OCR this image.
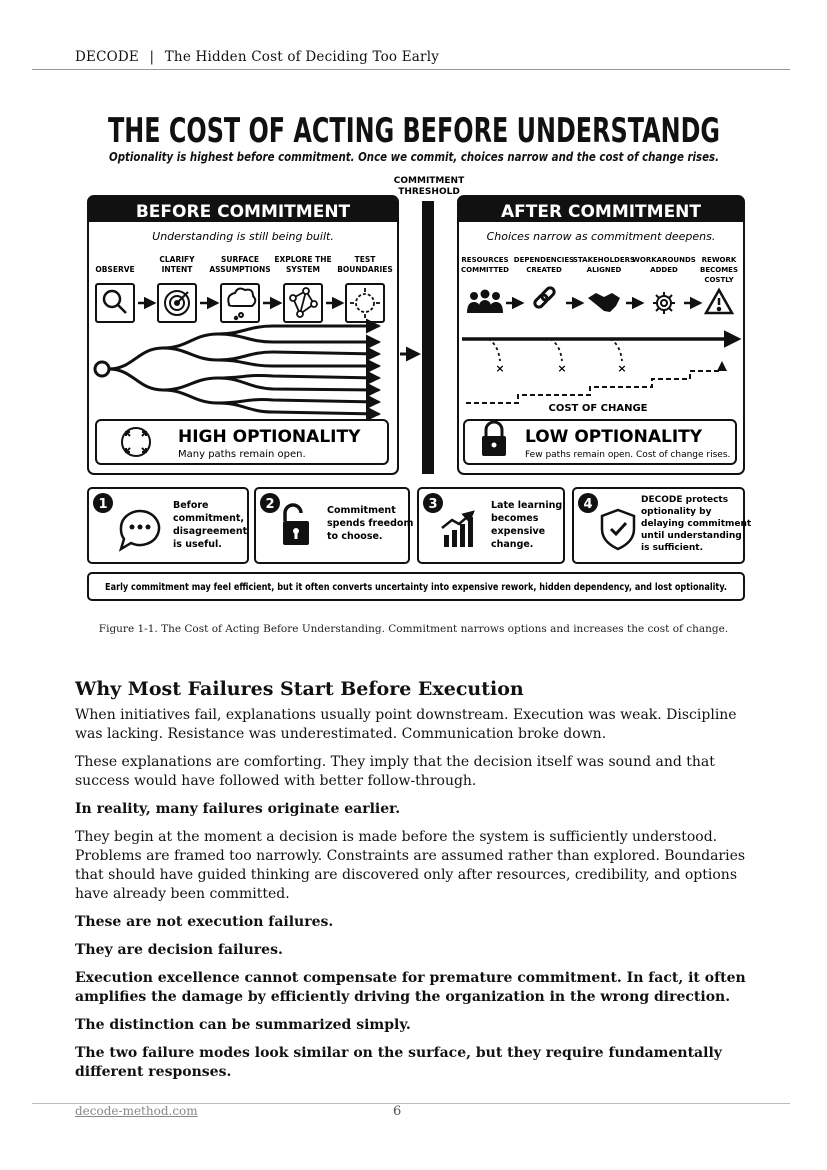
DECODE | The Hidden Cost of Deciding Too Early
THE COST OF ACTING BEFORE UNDERSTANDG
Optionality is highest before commitment. Once we commit, choices narrow and the cost of change rises.
COMMITMENT
THRESHOLD
BEFORE COMMITMENT
Understanding is still being built.
OBSERVE
CLARIFY
INTENT
SURFACE
ASSUMPTIONS
EXPLORE THE
SYSTEM
TEST
BOUNDARIES
HIGH OPTIONALITY
Many paths remain open.
AFTER COMMITMENT
Choices narrow as commitment deepens.
RESOURCES
COMMITTED
DEPENDENCIES
CREATED
STAKEHOLDERS
ALIGNED
WORKAROUNDS
ADDED
REWORK
BECOMES
COSTLY
×	×	×
COST OF CHANGE
LOW OPTIONALITY
Few paths remain open. Cost of change rises.
1	Before
commitment,
disagreement
is useful.
2	Commitment
spends freedom
to choose.
3	Late learning
becomes
expensive
change.
4	DECODE protects
optionality by
delaying commitment
until understanding
is sufficient.
Early commitment may feel efficient, but it often converts uncertainty into expensive rework, hidden dependency, and lost optionality.
Figure 1-1. The Cost of Acting Before Understanding. Commitment narrows options and increases the cost of change.
Why Most Failures Start Before Execution

When initiatives fail, explanations usually point downstream. Execution was weak. Discipline was lacking. Resistance was underestimated. Communication broke down.

These explanations are comforting. They imply that the decision itself was sound and that success would have followed with better follow-through.

In reality, many failures originate earlier.

They begin at the moment a decision is made before the system is sufficiently understood. Problems are framed too narrowly. Constraints are assumed rather than explored. Boundaries that should have guided thinking are discovered only after resources, credibility, and options have already been committed.

These are not execution failures.

They are decision failures.

Execution excellence cannot compensate for premature commitment. In fact, it often amplifies the damage by efficiently driving the organization in the wrong direction.

The distinction can be summarized simply.

The two failure modes look similar on the surface, but they require fundamentally different responses.

decode-method.com	6
